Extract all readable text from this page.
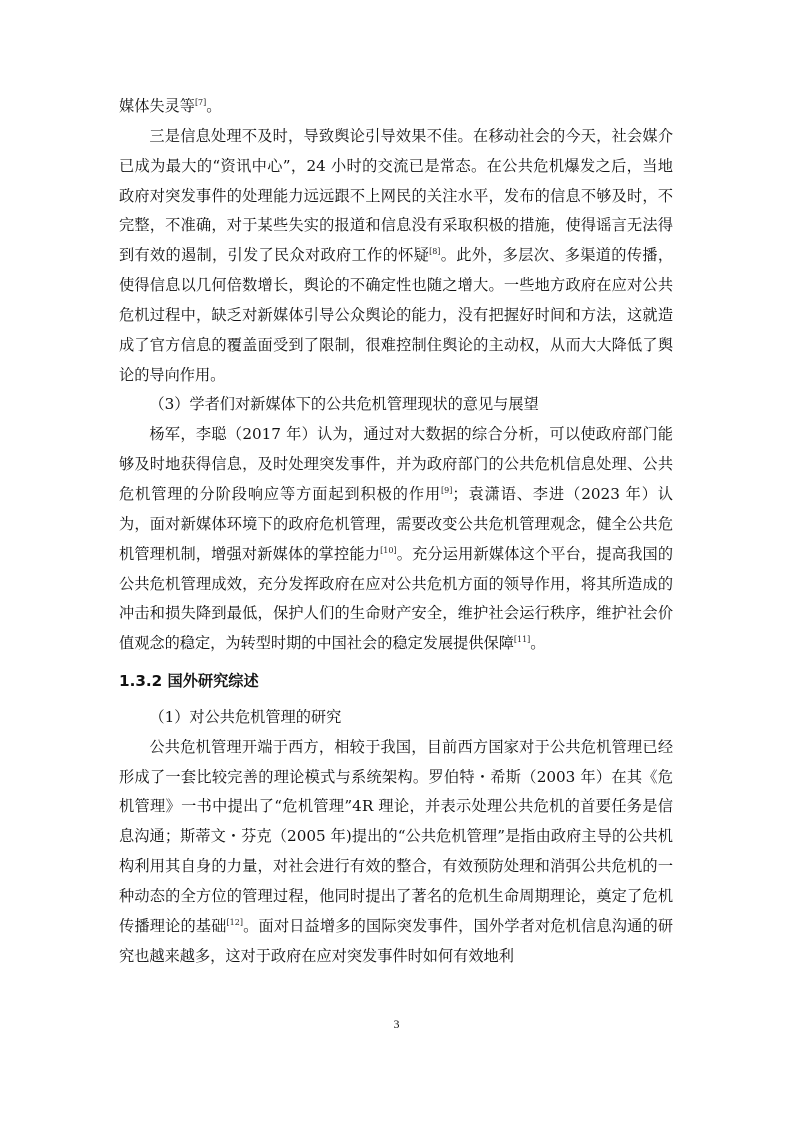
媒体失灵等[7]。

三是信息处理不及时，导致舆论引导效果不佳。在移动社会的今天，社会媒介已成为最大的“资讯中心”，24 小时的交流已是常态。在公共危机爆发之后，当地政府对突发事件的处理能力远远跟不上网民的关注水平，发布的信息不够及时，不完整，不准确，对于某些失实的报道和信息没有采取积极的措施，使得谣言无法得到有效的遏制，引发了民众对政府工作的怀疑[8]。此外，多层次、多渠道的传播，使得信息以几何倍数增长，舆论的不确定性也随之增大。一些地方政府在应对公共危机过程中，缺乏对新媒体引导公众舆论的能力，没有把握好时间和方法，这就造成了官方信息的覆盖面受到了限制，很难控制住舆论的主动权，从而大大降低了舆论的导向作用。

（3）学者们对新媒体下的公共危机管理现状的意见与展望

杨军，李聪（2017 年）认为，通过对大数据的综合分析，可以使政府部门能够及时地获得信息，及时处理突发事件，并为政府部门的公共危机信息处理、公共危机管理的分阶段响应等方面起到积极的作用[9]；袁潇语、李进（2023 年）认为，面对新媒体环境下的政府危机管理，需要改变公共危机管理观念，健全公共危机管理机制，增强对新媒体的掌控能力[10]。充分运用新媒体这个平台，提高我国的公共危机管理成效，充分发挥政府在应对公共危机方面的领导作用，将其所造成的冲击和损失降到最低，保护人们的生命财产安全，维护社会运行秩序，维护社会价值观念的稳定，为转型时期的中国社会的稳定发展提供保障[11]。

1.3.2 国外研究综述

（1）对公共危机管理的研究

公共危机管理开端于西方，相较于我国，目前西方国家对于公共危机管理已经形成了一套比较完善的理论模式与系统架构。罗伯特・希斯（2003 年）在其《危机管理》一书中提出了“危机管理”4R 理论，并表示处理公共危机的首要任务是信息沟通；斯蒂文・芬克（2005 年)提出的“公共危机管理”是指由政府主导的公共机构利用其自身的力量，对社会进行有效的整合，有效预防处理和消弭公共危机的一种动态的全方位的管理过程，他同时提出了著名的危机生命周期理论，奠定了危机传播理论的基础[12]。面对日益增多的国际突发事件，国外学者对危机信息沟通的研究也越来越多，这对于政府在应对突发事件时如何有效地利

3
